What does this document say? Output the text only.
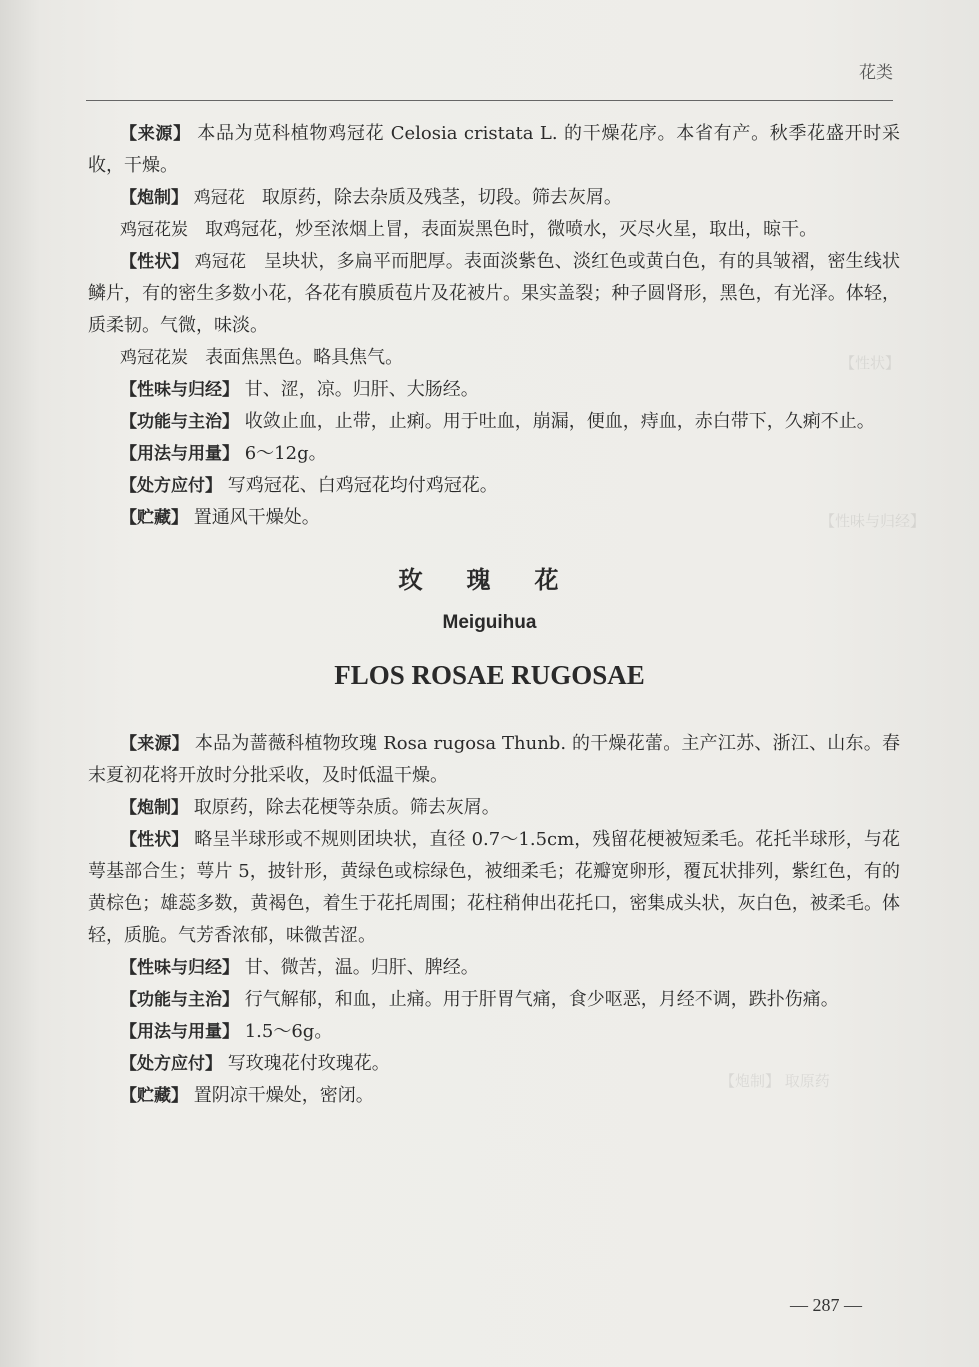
【性状】
【性味与归经】
【炮制】 取原药
花类

【来源】 本品为苋科植物鸡冠花 Celosia cristata L. 的干燥花序。本省有产。秋季花盛开时采收，干燥。

【炮制】 鸡冠花 取原药，除去杂质及残茎，切段。筛去灰屑。

鸡冠花炭 取鸡冠花，炒至浓烟上冒，表面炭黑色时，微喷水，灭尽火星，取出，晾干。

【性状】 鸡冠花 呈块状，多扁平而肥厚。表面淡紫色、淡红色或黄白色，有的具皱褶，密生线状鳞片，有的密生多数小花，各花有膜质苞片及花被片。果实盖裂；种子圆肾形，黑色，有光泽。体轻，质柔韧。气微，味淡。

鸡冠花炭 表面焦黑色。略具焦气。

【性味与归经】 甘、涩，凉。归肝、大肠经。

【功能与主治】 收敛止血，止带，止痢。用于吐血，崩漏，便血，痔血，赤白带下，久痢不止。

【用法与用量】 6～12g。

【处方应付】 写鸡冠花、白鸡冠花均付鸡冠花。

【贮藏】 置通风干燥处。

玫瑰花
Meiguihua
FLOS ROSAE RUGOSAE

【来源】 本品为蔷薇科植物玫瑰 Rosa rugosa Thunb. 的干燥花蕾。主产江苏、浙江、山东。春末夏初花将开放时分批采收，及时低温干燥。

【炮制】 取原药，除去花梗等杂质。筛去灰屑。

【性状】 略呈半球形或不规则团块状，直径 0.7～1.5cm，残留花梗被短柔毛。花托半球形，与花萼基部合生；萼片 5，披针形，黄绿色或棕绿色，被细柔毛；花瓣宽卵形，覆瓦状排列，紫红色，有的黄棕色；雄蕊多数，黄褐色，着生于花托周围；花柱稍伸出花托口，密集成头状，灰白色，被柔毛。体轻，质脆。气芳香浓郁，味微苦涩。

【性味与归经】 甘、微苦，温。归肝、脾经。

【功能与主治】 行气解郁，和血，止痛。用于肝胃气痛，食少呕恶，月经不调，跌扑伤痛。

【用法与用量】 1.5～6g。

【处方应付】 写玫瑰花付玫瑰花。

【贮藏】 置阴凉干燥处，密闭。

— 287 —
